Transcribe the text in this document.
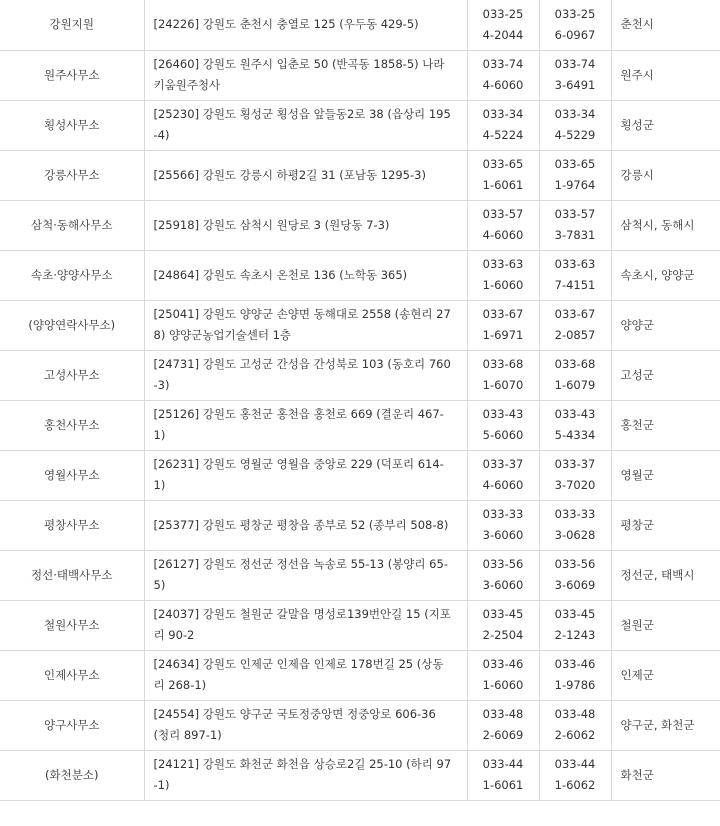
강원지원	[24226] 강원도 춘천시 충열로 125 (우두동 429-5)	033-254-2044	033-256-0967	춘천시
원주사무소	[26460] 강원도 원주시 입춘로 50 (반곡동 1858-5) 나라키움원주청사	033-744-6060	033-743-6491	원주시
횡성사무소	[25230] 강원도 횡성군 횡성읍 앞들동2로 38 (읍상리 195-4)	033-344-5224	033-344-5229	횡성군
강릉사무소	[25566] 강원도 강릉시 하평2길 31 (포남동 1295-3)	033-651-6061	033-651-9764	강릉시
삼척·동해사무소	[25918] 강원도 삼척시 원당로 3 (원당동 7-3)	033-574-6060	033-573-7831	삼척시, 동해시
속초·양양사무소	[24864] 강원도 속초시 온천로 136 (노학동 365)	033-631-6060	033-637-4151	속초시, 양양군
(양양연락사무소)	[25041] 강원도 양양군 손양면 동해대로 2558 (송현리 278) 양양군농업기술센터 1층	033-671-6971	033-672-0857	양양군
고성사무소	[24731] 강원도 고성군 간성읍 간성북로 103 (동호리 760-3)	033-681-6070	033-681-6079	고성군
홍천사무소	[25126] 강원도 홍천군 홍천읍 홍천로 669 (결운리 467-1)	033-435-6060	033-435-4334	홍천군
영월사무소	[26231] 강원도 영월군 영월읍 중앙로 229 (덕포리 614-1)	033-374-6060	033-373-7020	영월군
평창사무소	[25377] 강원도 평창군 평창읍 종부로 52 (종부리 508-8)	033-333-6060	033-333-0628	평창군
정선·태백사무소	[26127] 강원도 정선군 정선읍 녹송로 55-13 (봉양리 65-5)	033-563-6060	033-563-6069	정선군, 태백시
철원사무소	[24037] 강원도 철원군 갈말읍 명성로139번안길 15 (지포리 90-2	033-452-2504	033-452-1243	철원군
인제사무소	[24634] 강원도 인제군 인제읍 인제로 178번길 25 (상동리 268-1)	033-461-6060	033-461-9786	인제군
양구사무소	[24554] 강원도 양구군 국토정중앙면 정중앙로 606-36 (청리 897-1)	033-482-6069	033-482-6062	양구군, 화천군
(화천분소)	[24121] 강원도 화천군 화천읍 상승로2길 25-10 (하리 97-1)	033-441-6061	033-441-6062	화천군
